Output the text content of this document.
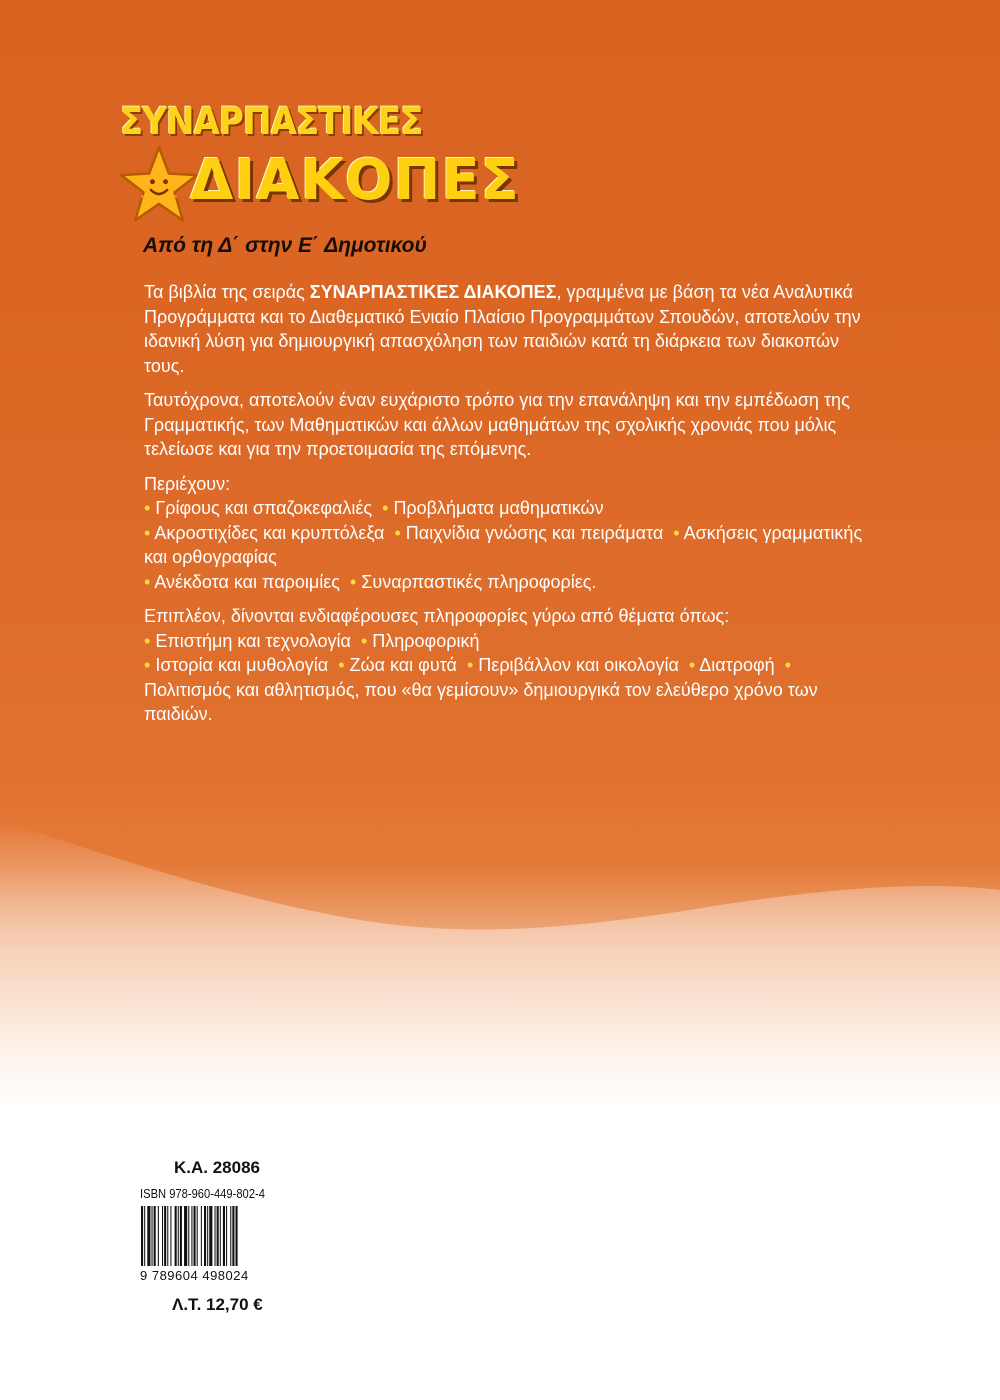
ΣΥΝΑΡΠΑΣΤΙΚΕΣ
ΔΙΑΚΟΠΕΣ
Από τη Δ΄ στην Ε΄ Δημοτικού

Τα βιβλία της σειράς ΣΥΝΑΡΠΑΣΤΙΚΕΣ ΔΙΑΚΟΠΕΣ, γραμμένα με βάση τα νέα Αναλυτικά Προγράμματα και το Διαθεματικό Ενιαίο Πλαίσιο Προγραμμάτων Σπουδών, αποτελούν την ιδανική λύση για δημιουργική απασχόληση των παιδιών κατά τη διάρκεια των διακοπών τους.

Ταυτόχρονα, αποτελούν έναν ευχάριστο τρόπο για την επανάληψη και την εμπέδωση της Γραμματικής, των Μαθηματικών και άλλων μαθημάτων της σχολικής χρονιάς που μόλις τελείωσε και για την προετοιμασία της επόμενης.

Περιέχουν:
• Γρίφους και σπαζοκεφαλιές • Προβλήματα μαθηματικών
• Ακροστιχίδες και κρυπτόλεξα • Παιχνίδια γνώσης και πειράματα • Ασκήσεις γραμματικής και ορθογραφίας
• Ανέκδοτα και παροιμίες • Συναρπαστικές πληροφορίες.

Επιπλέον, δίνονται ενδιαφέρουσες πληροφορίες γύρω από θέματα όπως:
• Επιστήμη και τεχνολογία • Πληροφορική
• Ιστορία και μυθολογία • Ζώα και φυτά • Περιβάλλον και οικολογία • Διατροφή • Πολιτισμός και αθλητισμός, που «θα γεμίσουν» δημιουργικά τον ελεύθερο χρόνο των παιδιών.

Κ.Α. 28086
ISBN 978-960-449-802-4
9 789604 498024
Λ.Τ. 12,70 €
